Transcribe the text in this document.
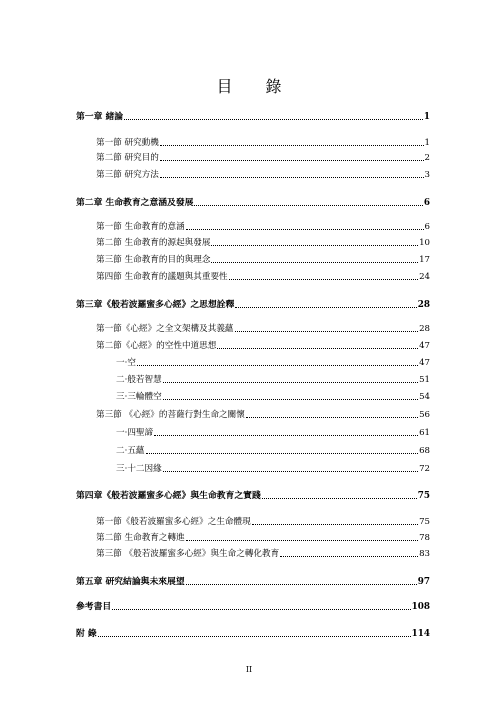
目 錄
第一章 緒論	1
第一節 研究動機	1
第二節 研究目的	2
第三節 研究方法	3
第二章 生命教育之意涵及發展	6
第一節 生命教育的意涵	6
第二節 生命教育的源起與發展	10
第三節 生命教育的目的與理念	17
第四節 生命教育的議題與其重要性	24
第三章《般若波羅蜜多心經》之思想詮釋	28
第一節《心經》之全文架構及其義蘊	28
第二節《心經》的空性中道思想	47
一·空	47
二·般若智慧	51
三·三輪體空	54
第三節 《心經》的菩薩行對生命之關懷	56
一·四聖諦	61
二·五蘊	68
三·十二因緣	72
第四章《般若波羅蜜多心經》與生命教育之實踐	75
第一節《般若波羅蜜多心經》之生命體現	75
第二節 生命教育之轉進	78
第三節 《般若波羅蜜多心經》與生命之轉化教育	83
第五章 研究結論與未來展望	97
參考書目	108
附 錄	114
II
